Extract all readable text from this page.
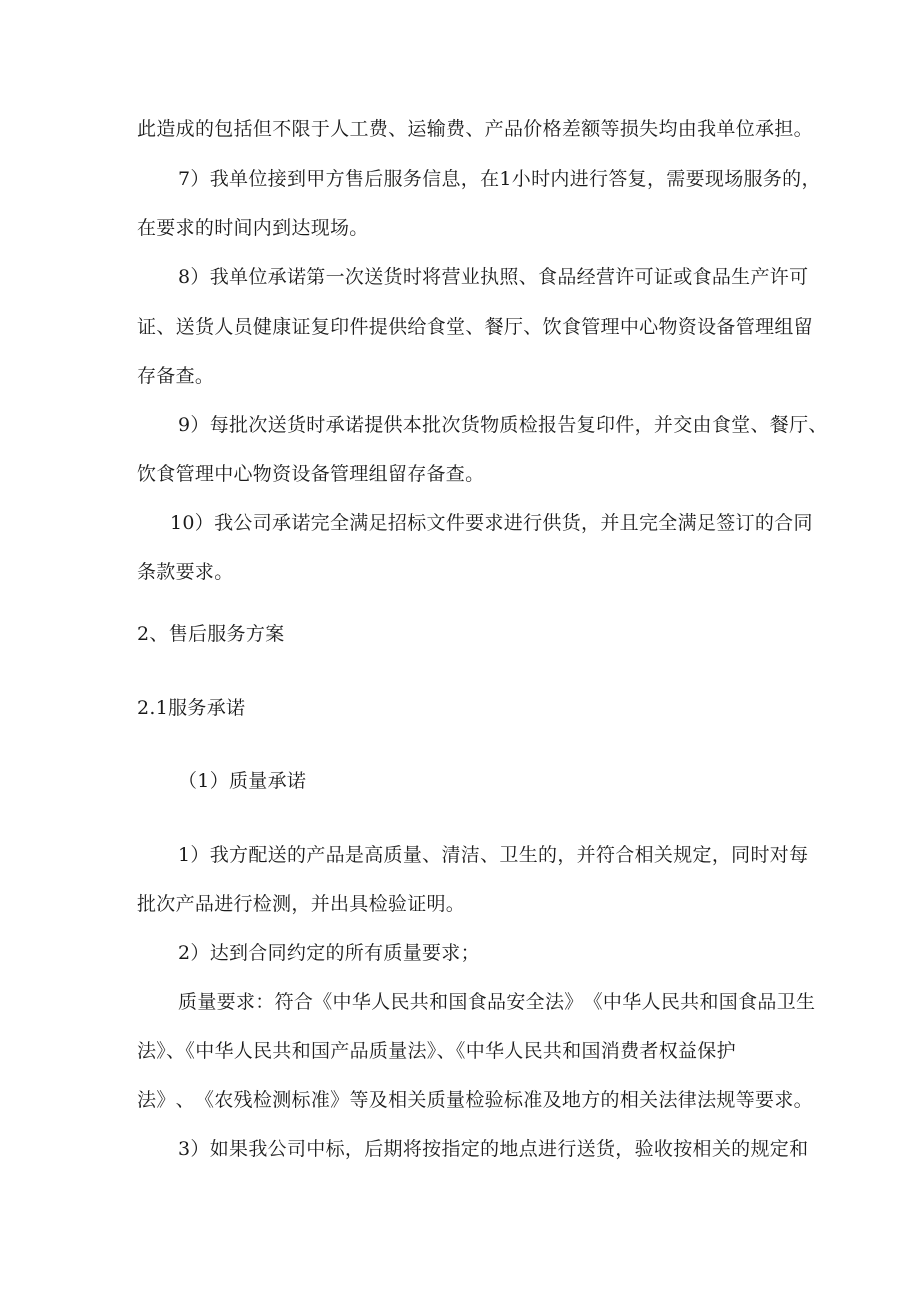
此 造 成 的 包 括 但 不 限 于 人 工 费 、 运 输 费 、 产 品 价 格 差 额 等 损 失 均 由 我 单 位 承 担 。

7 ） 我 单 位 接 到 甲 方 售 后 服 务 信 息 ， 在 1 小 时 内 进 行 答 复 ， 需 要 现 场 服 务 的 ，

在要求的时间内到达现场。

8 ） 我 单 位 承 诺 第 一 次 送 货 时 将 营 业 执 照 、 食 品 经 营 许 可 证 或 食 品 生 产 许 可

证 、 送 货 人 员 健 康 证 复 印 件 提 供 给 食 堂 、 餐 厅 、 饮 食 管 理 中 心 物 资 设 备 管 理 组 留

存备查。

9 ） 每 批 次 送 货 时 承 诺 提 供 本 批 次 货 物 质 检 报 告 复 印 件 ， 并 交 由 食 堂 、 餐 厅 、

饮食管理中心物资设备管理组留存备查。

1 0 ） 我 公 司 承 诺 完 全 满 足 招 标 文 件 要 求 进 行 供 货 ， 并 且 完 全 满 足 签 订 的 合 同

条款要求。

2、售后服务方案

2.1服务承诺

（1）质量承诺

1 ） 我 方 配 送 的 产 品 是 高 质 量 、 清 洁 、 卫 生 的 ， 并 符 合 相 关 规 定 ， 同 时 对 每

批次产品进行检测，并出具检验证明。

2）达到合同约定的所有质量要求；

质 量 要 求 ： 符 合 《 中 华 人 民 共 和 国 食 品 安 全 法 》 《 中 华 人 民 共 和 国 食 品 卫 生

法》、《中华人民共和国产品质量法》、《中华人民共和国消费者权益保护

法 》 、 《 农 残 检 测 标 准 》 等 及 相 关 质 量 检 验 标 准 及 地 方 的 相 关 法 律 法 规 等 要 求 。

3 ） 如 果 我 公 司 中 标 ， 后 期 将 按 指 定 的 地 点 进 行 送 货 ， 验 收 按 相 关 的 规 定 和
